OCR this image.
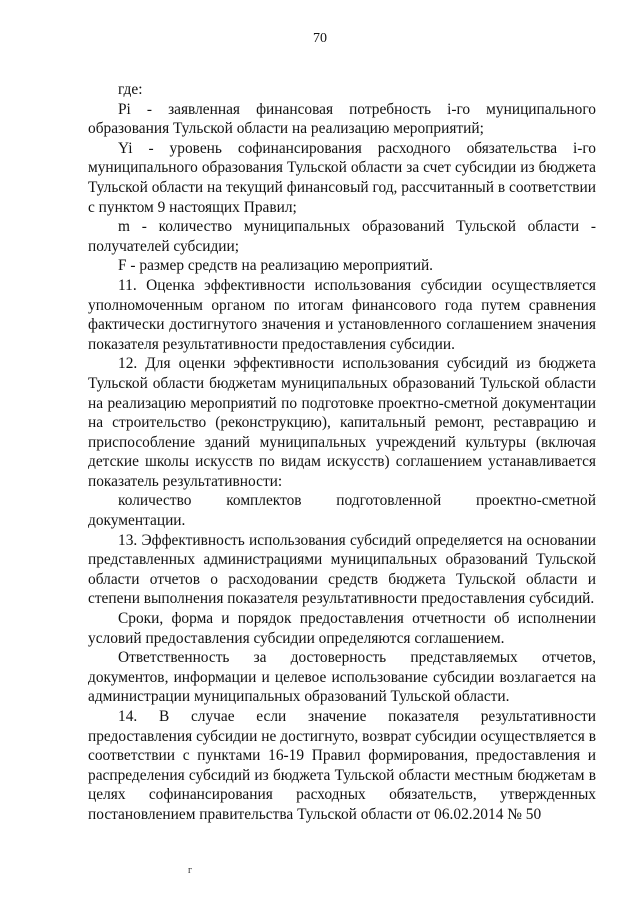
70

где:

Pi - заявленная финансовая потребность i-го муниципального образования Тульской области на реализацию мероприятий;

Yi - уровень софинансирования расходного обязательства i-го муниципального образования Тульской области за счет субсидии из бюджета Тульской области на текущий финансовый год, рассчитанный в соответствии с пунктом 9 настоящих Правил;

m - количество муниципальных образований Тульской области - получателей субсидии;

F - размер средств на реализацию мероприятий.

11. Оценка эффективности использования субсидии осуществляется уполномоченным органом по итогам финансового года путем сравнения фактически достигнутого значения и установленного соглашением значения показателя результативности предоставления субсидии.

12. Для оценки эффективности использования субсидий из бюджета Тульской области бюджетам муниципальных образований Тульской области на реализацию мероприятий по подготовке проектно-сметной документации на строительство (реконструкцию), капитальный ремонт, реставрацию и приспособление зданий муниципальных учреждений культуры (включая детские школы искусств по видам искусств) соглашением устанавливается показатель результативности:

количество комплектов подготовленной проектно-сметной документации.

13. Эффективность использования субсидий определяется на основании представленных администрациями муниципальных образований Тульской области отчетов о расходовании средств бюджета Тульской области и степени выполнения показателя результативности предоставления субсидий.

Сроки, форма и порядок предоставления отчетности об исполнении условий предоставления субсидии определяются соглашением.

Ответственность за достоверность представляемых отчетов, документов, информации и целевое использование субсидии возлагается на администрации муниципальных образований Тульской области.

14. В случае если значение показателя результативности предоставления субсидии не достигнуто, возврат субсидии осуществляется в соответствии с пунктами 16-19 Правил формирования, предоставления и распределения субсидий из бюджета Тульской области местным бюджетам в целях софинансирования расходных обязательств, утвержденных постановлением правительства Тульской области от 06.02.2014 № 50

г
